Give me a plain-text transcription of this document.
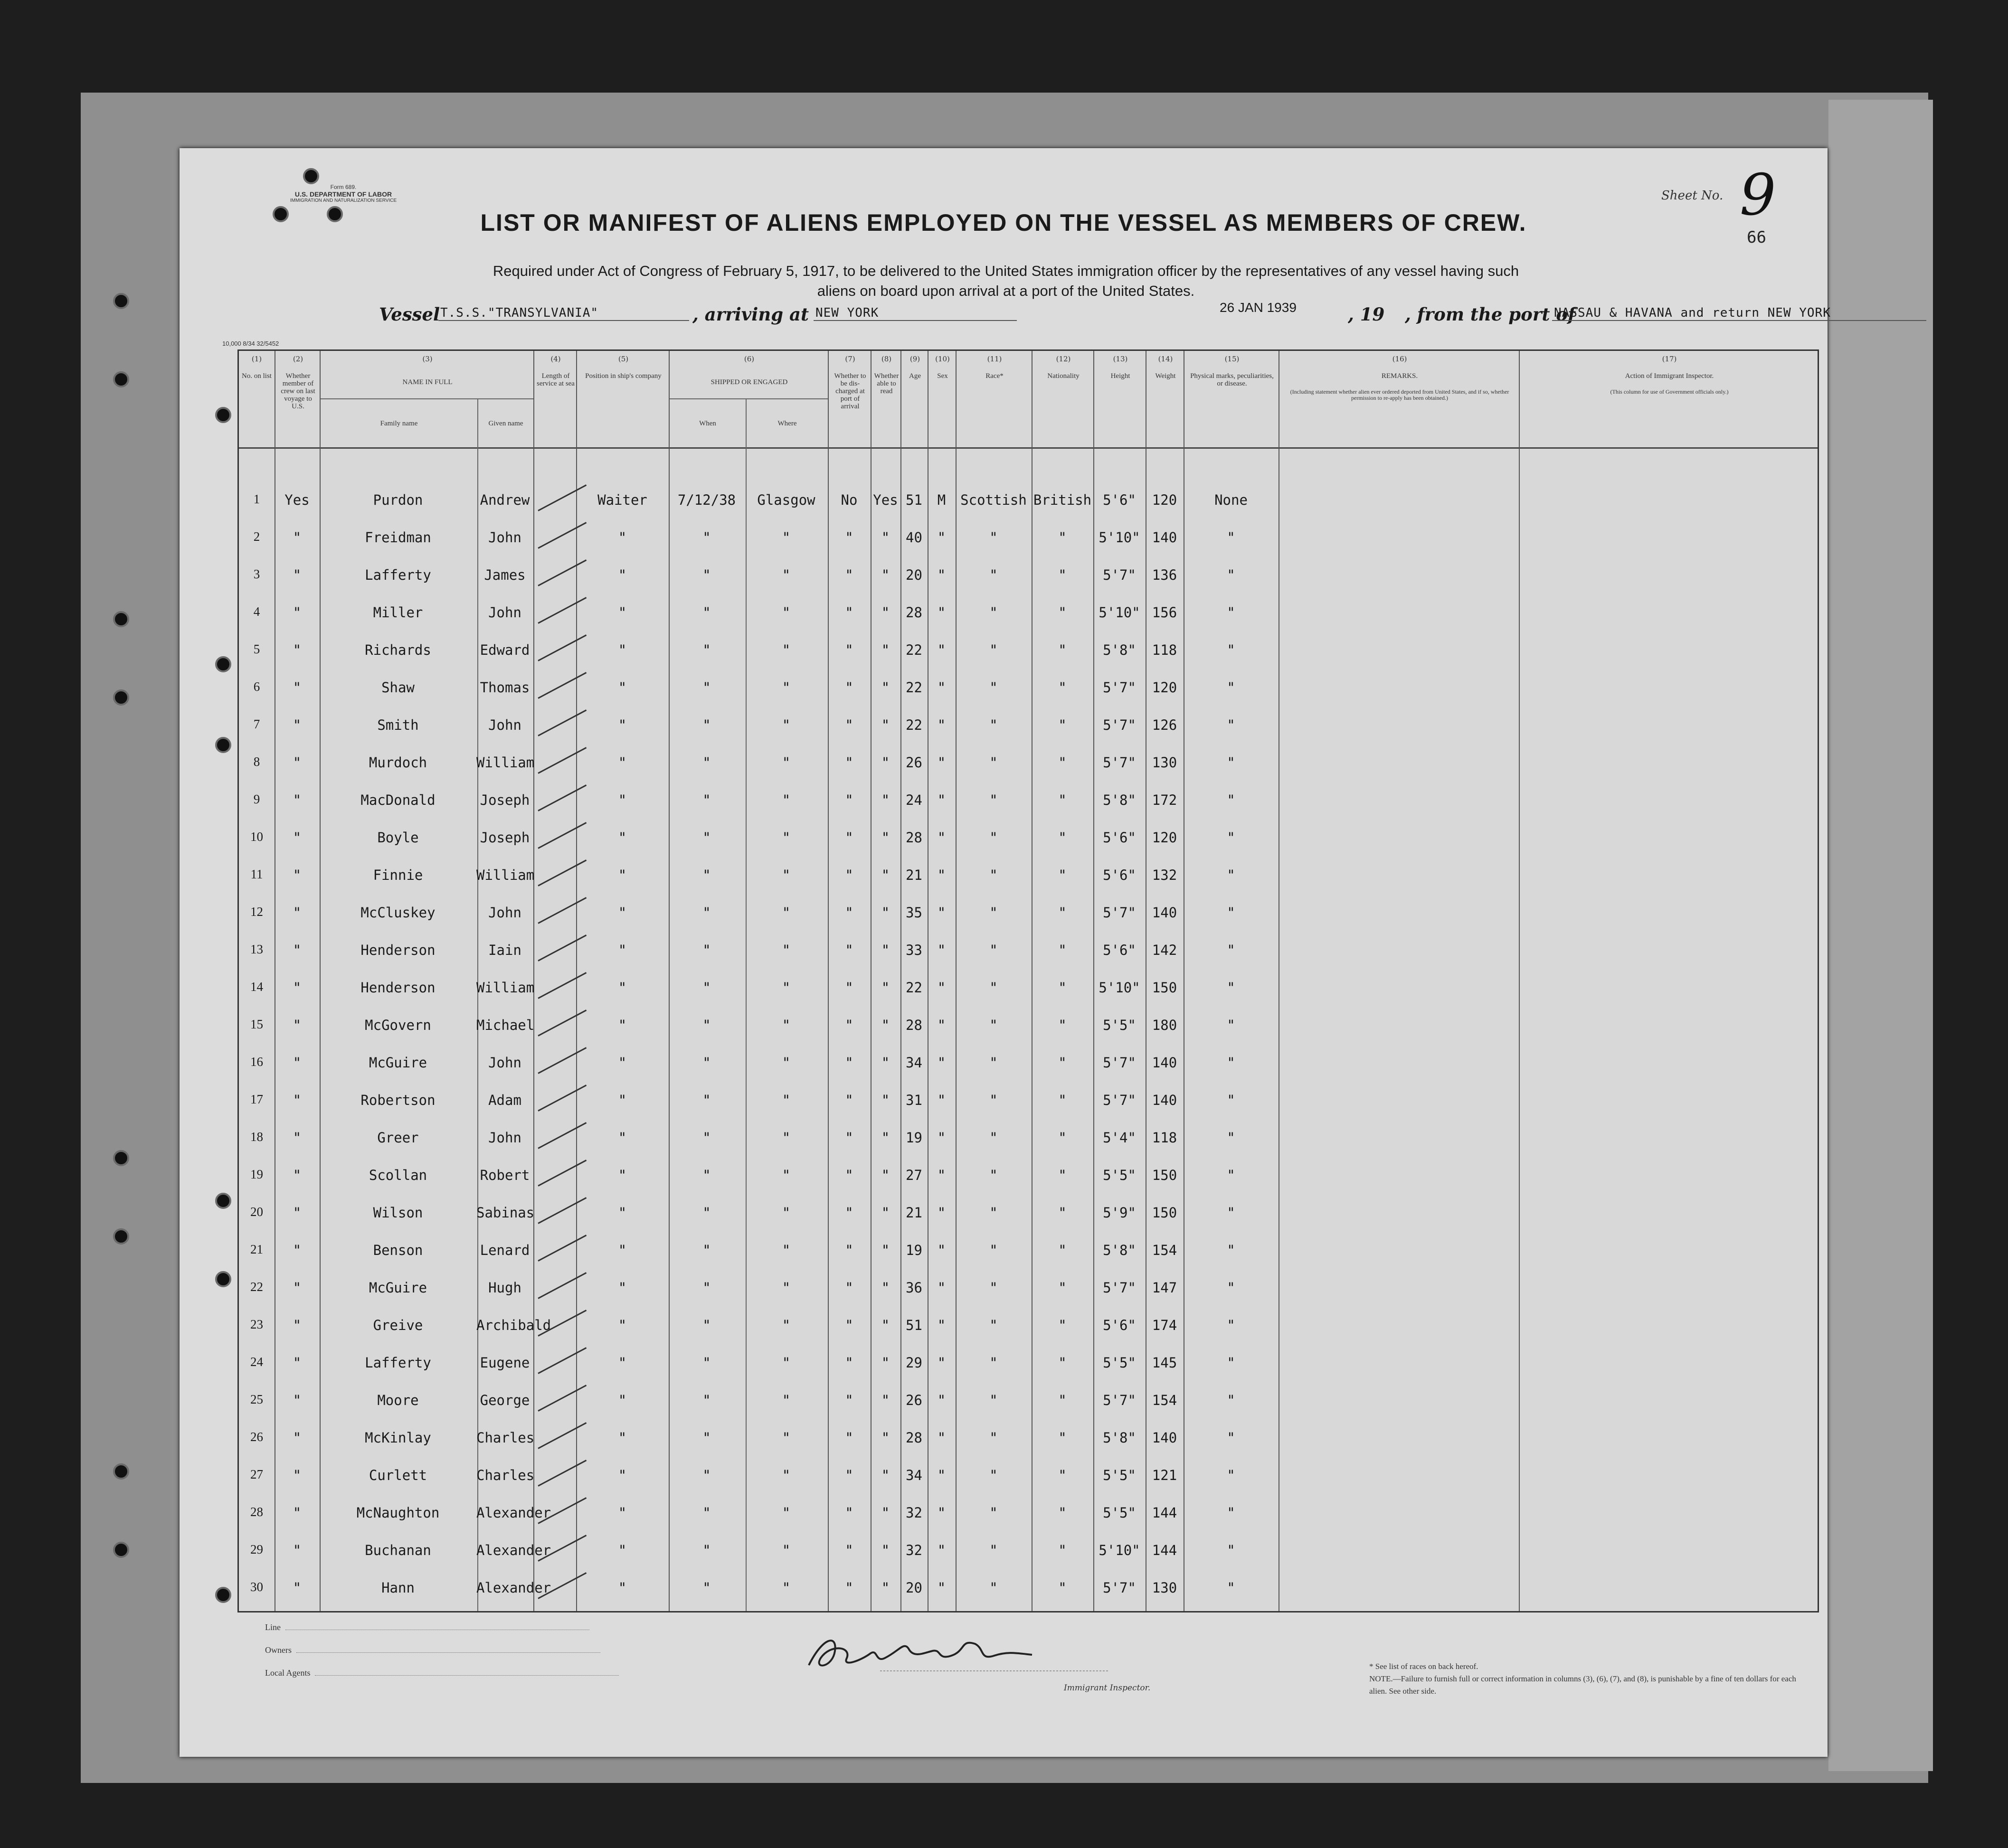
Form 689.
U.S. DEPARTMENT OF LABOR
IMMIGRATION AND NATURALIZATION SERVICE	Sheet No. 9
66
LIST OR MANIFEST OF ALIENS EMPLOYED ON THE VESSEL AS MEMBERS OF CREW.
Required under Act of Congress of February 5, 1917, to be delivered to the United States immigration officer by the representatives of any vessel having such
aliens on board upon arrival at a port of the United States.
Vessel T.S.S."TRANSYLVANIA"	, arriving at NEW YORK	26 JAN 1939	, 19 , from the port of
NASSAU & HAVANA and return NEW YORK
10,000 8/34 32/5452
(1)
No. on list
(2)
Whether member of crew on last voyage to U.S.
(3)
NAME IN FULL
Family name	Given name
(4)
Length of service at sea
(5)
Position in ship's company
(6)
SHIPPED OR ENGAGED
When	Where
(7)
Whether to be dis-charged at port of arrival
(8)
Whether able to read
(9)
Age
(10)
Sex
(11)
Race*
(12)
Nationality
(13)
Height
(14)
Weight
(15)
Physical marks, peculiarities, or disease.
(16)
REMARKS.
(Including statement whether alien ever ordered deported from United States, and if so, whether permission to re-apply has been obtained.)
(17)
Action of Immigrant Inspector.
(This column for use of Government officials only.)
1	Yes	Purdon	Andrew	Waiter	7/12/38	Glasgow	No	Yes 51	M	Scottish British 5'6"	120	None
2	"	Freidman	John	"	"	"	"	"	40	"	"	"	5'10" 140	"
3	"	Lafferty	James	"	"	"	"	"	20	"	"	"	5'7"	136	"
4	"	Miller	John	"	"	"	"	"	28	"	"	"	5'10" 156	"
5	"	Richards	Edward	"	"	"	"	"	22	"	"	"	5'8"	118	"
6	"	Shaw	Thomas	"	"	"	"	"	22	"	"	"	5'7"	120	"
7	"	Smith	John	"	"	"	"	"	22	"	"	"	5'7"	126	"
8	"	Murdoch	William	"	"	"	"	"	26	"	"	"	5'7"	130	"
9	"	MacDonald	Joseph	"	"	"	"	"	24	"	"	"	5'8"	172	"
10	"	Boyle	Joseph	"	"	"	"	"	28	"	"	"	5'6"	120	"
11	"	Finnie	William	"	"	"	"	"	21	"	"	"	5'6"	132	"
12	"	McCluskey	John	"	"	"	"	"	35	"	"	"	5'7"	140	"
13	"	Henderson	Iain	"	"	"	"	"	33	"	"	"	5'6"	142	"
14	"	Henderson	William	"	"	"	"	"	22	"	"	"	5'10" 150	"
15	"	McGovern	Michael	"	"	"	"	"	28	"	"	"	5'5"	180	"
16	"	McGuire	John	"	"	"	"	"	34	"	"	"	5'7"	140	"
17	"	Robertson	Adam	"	"	"	"	"	31	"	"	"	5'7"	140	"
18	"	Greer	John	"	"	"	"	"	19	"	"	"	5'4"	118	"
19	"	Scollan	Robert	"	"	"	"	"	27	"	"	"	5'5"	150	"
20	"	Wilson	Sabinas	"	"	"	"	"	21	"	"	"	5'9"	150	"
21	"	Benson	Lenard	"	"	"	"	"	19	"	"	"	5'8"	154	"
22	"	McGuire	Hugh	"	"	"	"	"	36	"	"	"	5'7"	147	"
23	"	Greive	Archibald	"	"	"	"	"	51	"	"	"	5'6"	174	"
24	"	Lafferty	Eugene	"	"	"	"	"	29	"	"	"	5'5"	145	"
25	"	Moore	George	"	"	"	"	"	26	"	"	"	5'7"	154	"
26	"	McKinlay	Charles	"	"	"	"	"	28	"	"	"	5'8"	140	"
27	"	Curlett	Charles	"	"	"	"	"	34	"	"	"	5'5"	121	"
28	"	McNaughton	Alexander	"	"	"	"	"	32	"	"	"	5'5"	144	"
29	"	Buchanan	Alexander	"	"	"	"	"	32	"	"	"	5'10" 144	"
30	"	Hann	Alexander	"	"	"	"	"	20	"	"	"	5'7"	130	"
Line
Owners
Local Agents
Immigrant Inspector.
* See list of races on back hereof.
NOTE.—Failure to furnish full or correct information in columns (3), (6), (7), and (8), is punishable by a fine of ten dollars for each alien. See other side.
